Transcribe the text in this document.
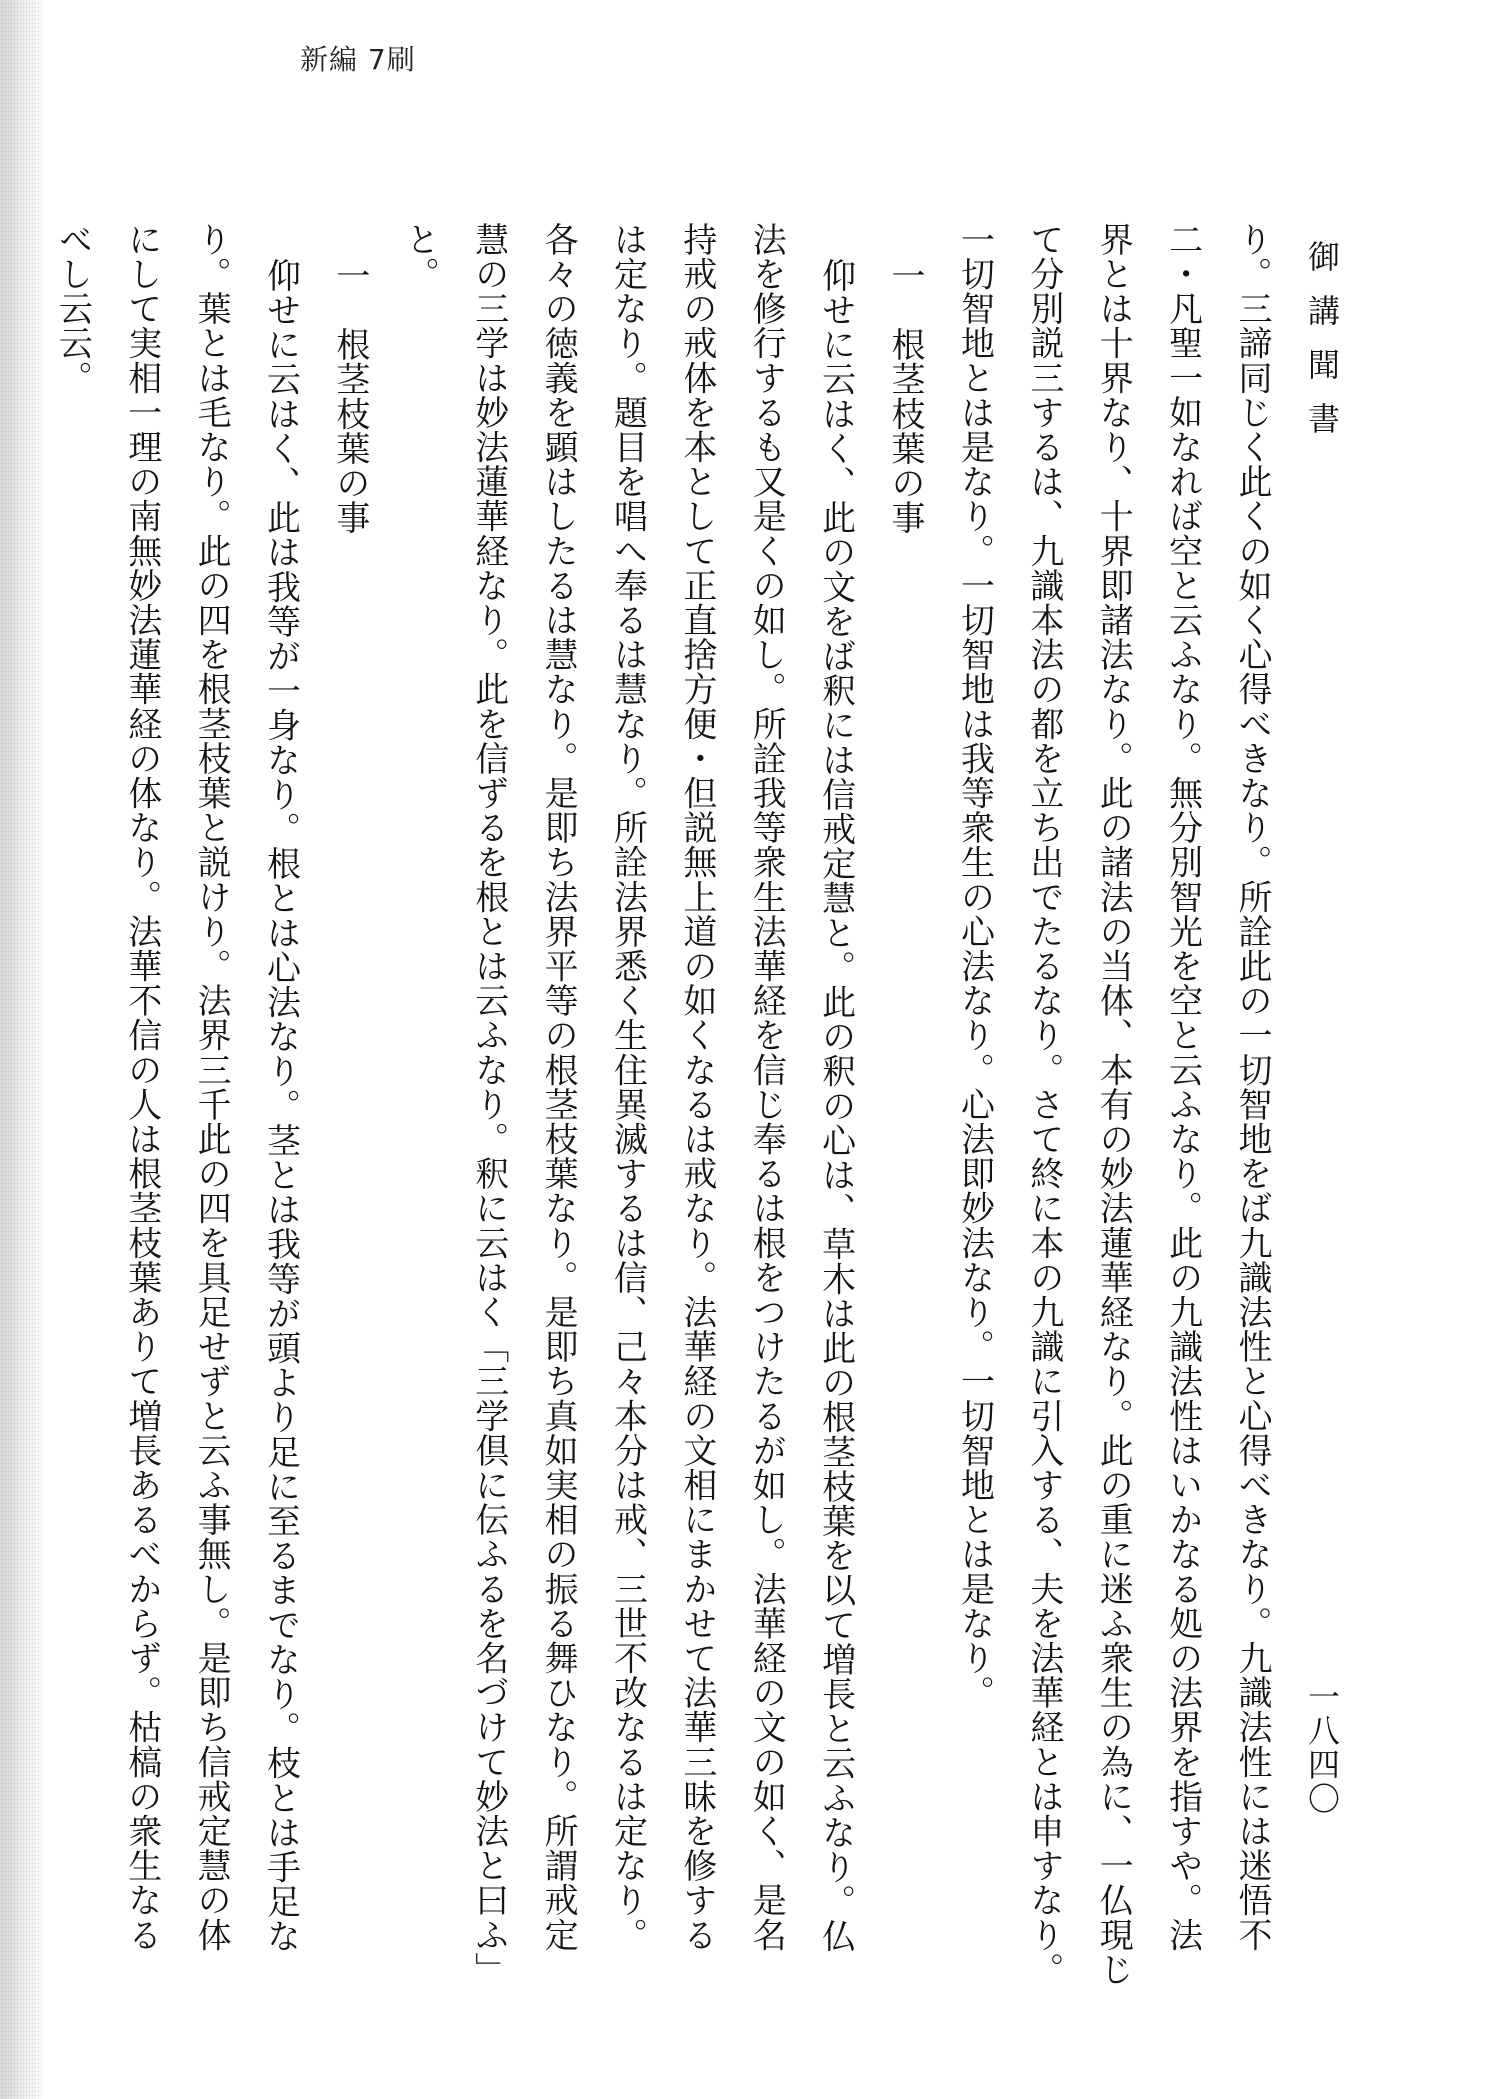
新編 7刷
御講聞書
一八四〇

り。三諦同じく此くの如く心得べきなり。所詮此の一切智地をば九識法性と心得べきなり。九識法性には迷悟不

二・凡聖一如なれば空と云ふなり。無分別智光を空と云ふなり。此の九識法性はいかなる処の法界を指すや。法

界とは十界なり、十界即諸法なり。此の諸法の当体、本有の妙法蓮華経なり。此の重に迷ふ衆生の為に、一仏現じ

て分別説三するは、九識本法の都を立ち出でたるなり。さて終に本の九識に引入する、夫を法華経とは申すなり。

一切智地とは是なり。一切智地は我等衆生の心法なり。心法即妙法なり。一切智地とは是なり。

一　根茎枝葉の事

仰せに云はく、此の文をば釈には信戒定慧と。此の釈の心は、草木は此の根茎枝葉を以て増長と云ふなり。仏

法を修行するも又是くの如し。所詮我等衆生法華経を信じ奉るは根をつけたるが如し。法華経の文の如く、是名

持戒の戒体を本として正直捨方便・但説無上道の如くなるは戒なり。法華経の文相にまかせて法華三昧を修する

は定なり。題目を唱へ奉るは慧なり。所詮法界悉く生住異滅するは信、己々本分は戒、三世不改なるは定なり。

各々の徳義を顕はしたるは慧なり。是即ち法界平等の根茎枝葉なり。是即ち真如実相の振る舞ひなり。所謂戒定

慧の三学は妙法蓮華経なり。此を信ずるを根とは云ふなり。釈に云はく「三学倶に伝ふるを名づけて妙法と曰ふ」

と。

一　根茎枝葉の事

仰せに云はく、此は我等が一身なり。根とは心法なり。茎とは我等が頭より足に至るまでなり。枝とは手足な

り。葉とは毛なり。此の四を根茎枝葉と説けり。法界三千此の四を具足せずと云ふ事無し。是即ち信戒定慧の体

にして実相一理の南無妙法蓮華経の体なり。法華不信の人は根茎枝葉ありて増長あるべからず。枯槁の衆生なる

べし云云。
